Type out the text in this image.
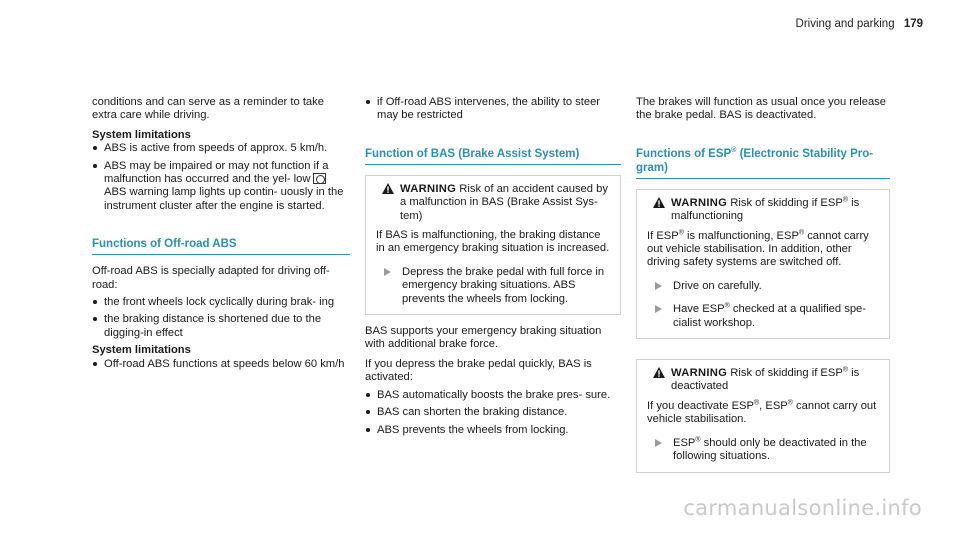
Driving and parking 179

conditions and can serve as a reminder to take extra care while driving.

System limitations

ABS is active from speeds of approx. 5 km/h.
ABS may be impaired or may not function if a malfunction has occurred and the yel- lowABS warning lamp lights up contin- uously in the instrument cluster after the engine is started.
Functions of Off-road ABS

Off-road ABS is specially adapted for driving off- road:

the front wheels lock cyclically during brak- ing
the braking distance is shortened due to the digging-in effect

System limitations

Off-road ABS functions at speeds below 60 km/h
if Off-road ABS intervenes, the ability to steer may be restricted
Function of BAS (Brake Assist System)
WARNING Risk of an accident caused by a malfunction in BAS (Brake Assist Sys- tem)

If BAS is malfunctioning, the braking distance in an emergency braking situation is increased.

Depress the brake pedal with full force in emergency braking situations. ABS prevents the wheels from locking.

BAS supports your emergency braking situation with additional brake force.

If you depress the brake pedal quickly, BAS is activated:

BAS automatically boosts the brake pres- sure.
BAS can shorten the braking distance.
ABS prevents the wheels from locking.

The brakes will function as usual once you release the brake pedal. BAS is deactivated.

Functions of ESP® (Electronic Stability Pro- gram)
WARNING Risk of skidding if ESP® is malfunctioning

If ESP® is malfunctioning, ESP® cannot carry out vehicle stabilisation. In addition, other driving safety systems are switched off.

Drive on carefully.
Have ESP® checked at a qualified spe- cialist workshop.
WARNING Risk of skidding if ESP® is deactivated

If you deactivate ESP®, ESP® cannot carry out vehicle stabilisation.

ESP® should only be deactivated in the following situations.
carmanualsonline.info
